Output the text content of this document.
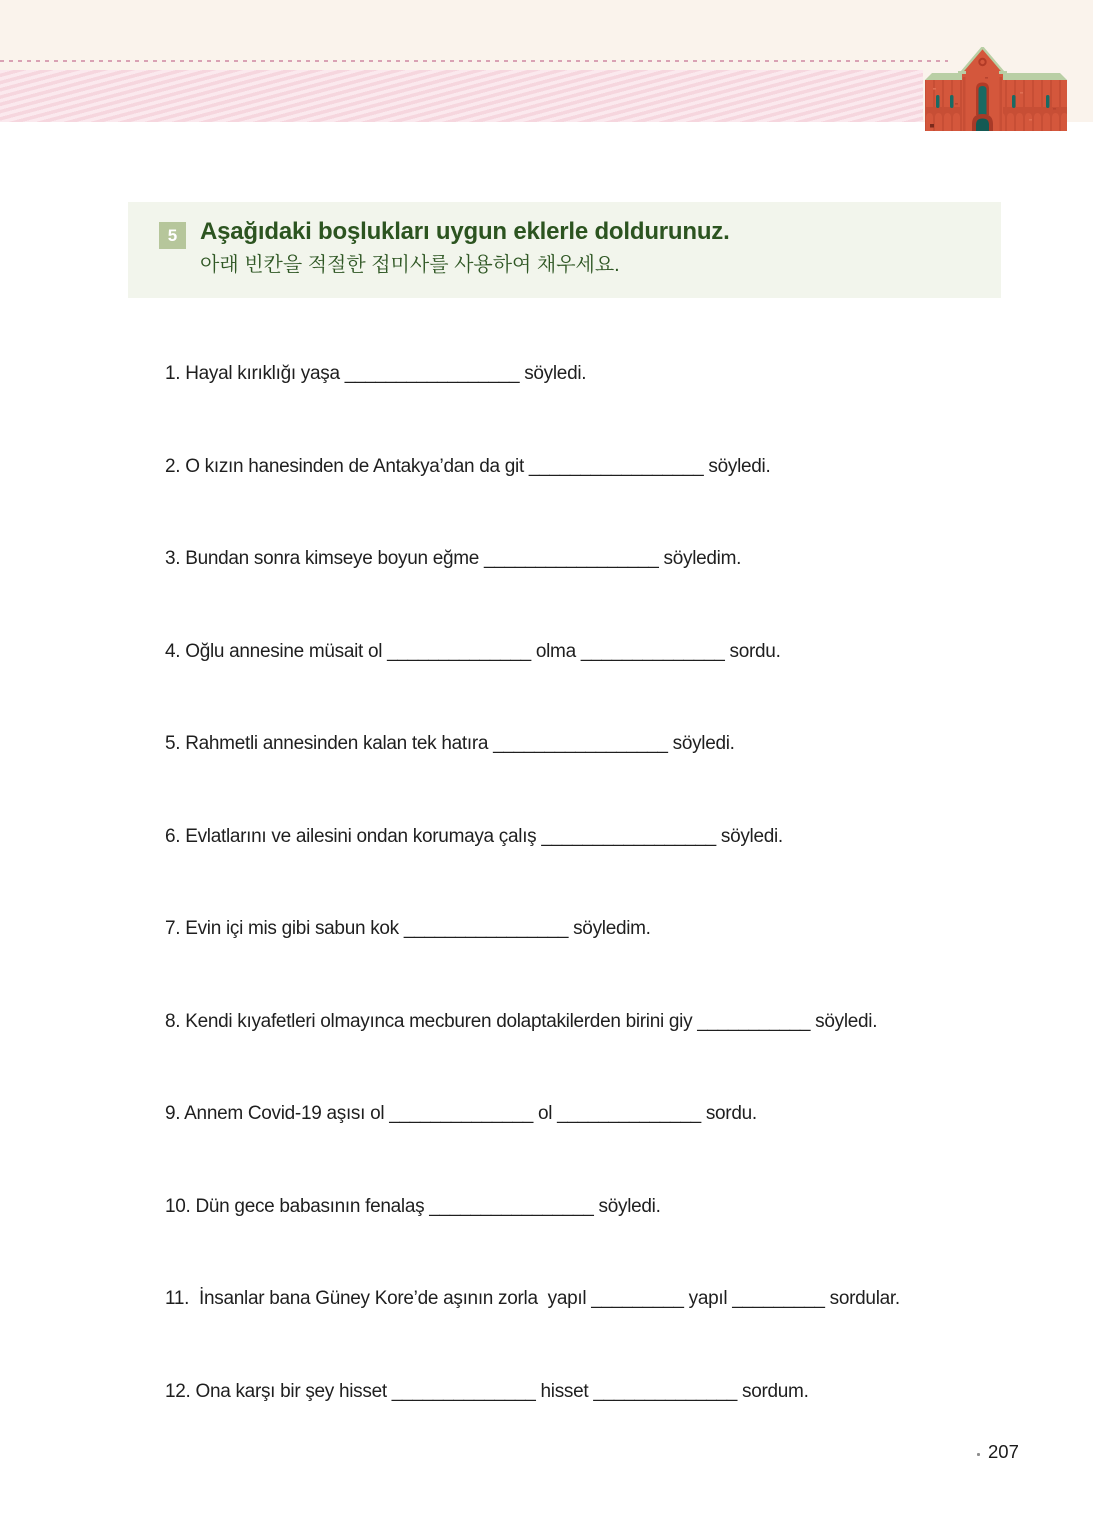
5 Aşağıdaki boşlukları uygun eklerle doldurunuz.

아래 빈칸을 적절한 접미사를 사용하여 채우세요.

1. Hayal kırıklığı yaşa _________________ söyledi.

2. O kızın hanesinden de Antakya’dan da git _________________ söyledi.

3. Bundan sonra kimseye boyun eğme _________________ söyledim.

4. Oğlu annesine müsait ol ______________ olma ______________ sordu.

5. Rahmetli annesinden kalan tek hatıra _________________ söyledi.

6. Evlatlarını ve ailesini ondan korumaya çalış _________________ söyledi.

7. Evin içi mis gibi sabun kok ________________ söyledim.

8. Kendi kıyafetleri olmayınca mecburen dolaptakilerden birini giy ___________ söyledi.

9. Annem Covid-19 aşısı ol ______________ ol ______________ sordu.

10. Dün gece babasının fenalaş ________________ söyledi.

11.  İnsanlar bana Güney Kore’de aşının zorla  yapıl _________ yapıl _________ sordular.

12. Ona karşı bir şey hisset ______________ hisset ______________ sordum.

207
